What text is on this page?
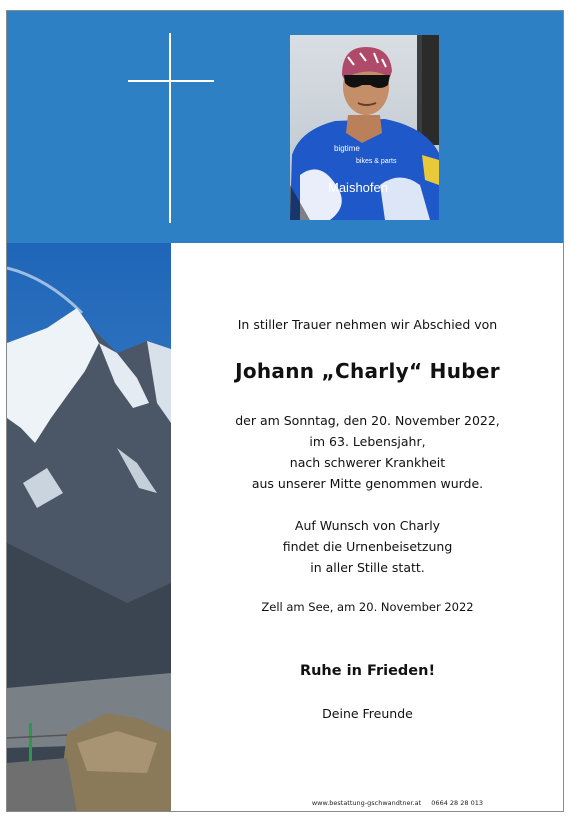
Maishofen
bigtime
bikes & parts
In stiller Trauer nehmen wir Abschied von
Johann „Charly“ Huber
der am Sonntag, den 20. November 2022,
im 63. Lebensjahr,
nach schwerer Krankheit
aus unserer Mitte genommen wurde.
Auf Wunsch von Charly
findet die Urnenbeisetzung
in aller Stille statt.
Zell am See, am 20. November 2022
Ruhe in Frieden!
Deine Freunde
www.bestattung-gschwandtner.at 0664 28 28 013
